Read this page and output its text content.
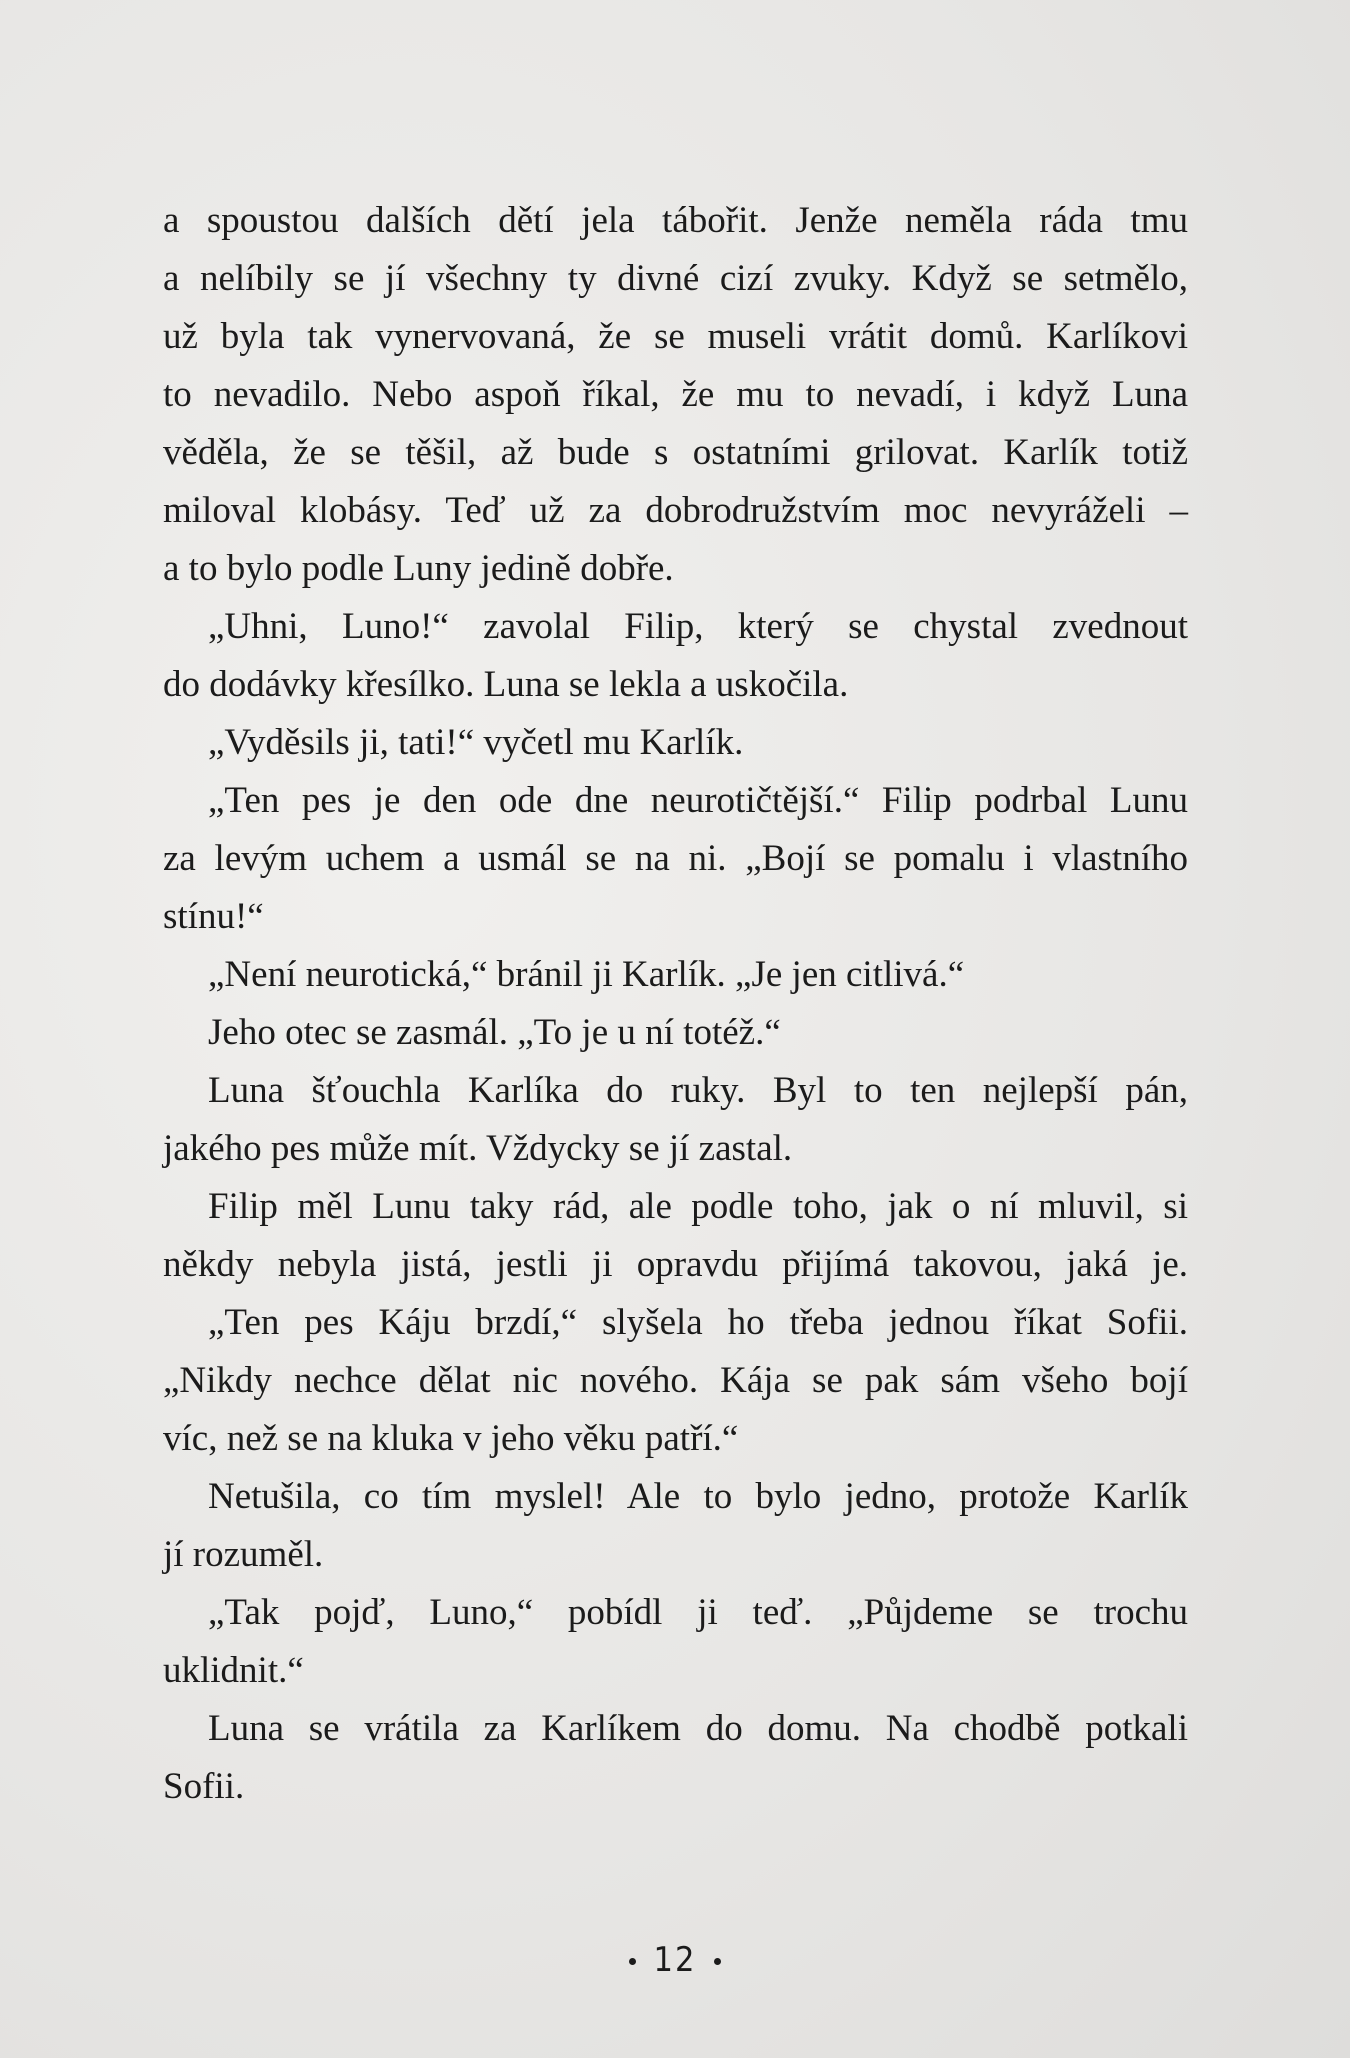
a spoustou dalších dětí jela tábořit. Jenže neměla ráda tmu
a nelíbily se jí všechny ty divné cizí zvuky. Když se setmělo,
už byla tak vynervovaná, že se museli vrátit domů. Karlíkovi
to nevadilo. Nebo aspoň říkal, že mu to nevadí, i když Luna
věděla, že se těšil, až bude s ostatními grilovat. Karlík totiž
miloval klobásy. Teď už za dobrodružstvím moc nevyráželi –
a to bylo podle Luny jedině dobře.
„Uhni, Luno!“ zavolal Filip, který se chystal zvednout
do dodávky křesílko. Luna se lekla a uskočila.
„Vyděsils ji, tati!“ vyčetl mu Karlík.
„Ten pes je den ode dne neurotičtější.“ Filip podrbal Lunu
za levým uchem a usmál se na ni. „Bojí se pomalu i vlastního
stínu!“
„Není neurotická,“ bránil ji Karlík. „Je jen citlivá.“
Jeho otec se zasmál. „To je u ní totéž.“
Luna šťouchla Karlíka do ruky. Byl to ten nejlepší pán,
jakého pes může mít. Vždycky se jí zastal.
Filip měl Lunu taky rád, ale podle toho, jak o ní mluvil, si
někdy nebyla jistá, jestli ji opravdu přijímá takovou, jaká je.
„Ten pes Káju brzdí,“ slyšela ho třeba jednou říkat Sofii.
„Nikdy nechce dělat nic nového. Kája se pak sám všeho bojí
víc, než se na kluka v jeho věku patří.“
Netušila, co tím myslel! Ale to bylo jedno, protože Karlík
jí rozuměl.
„Tak pojď, Luno,“ pobídl ji teď. „Půjdeme se trochu
uklidnit.“
Luna se vrátila za Karlíkem do domu. Na chodbě potkali
Sofii.
12
